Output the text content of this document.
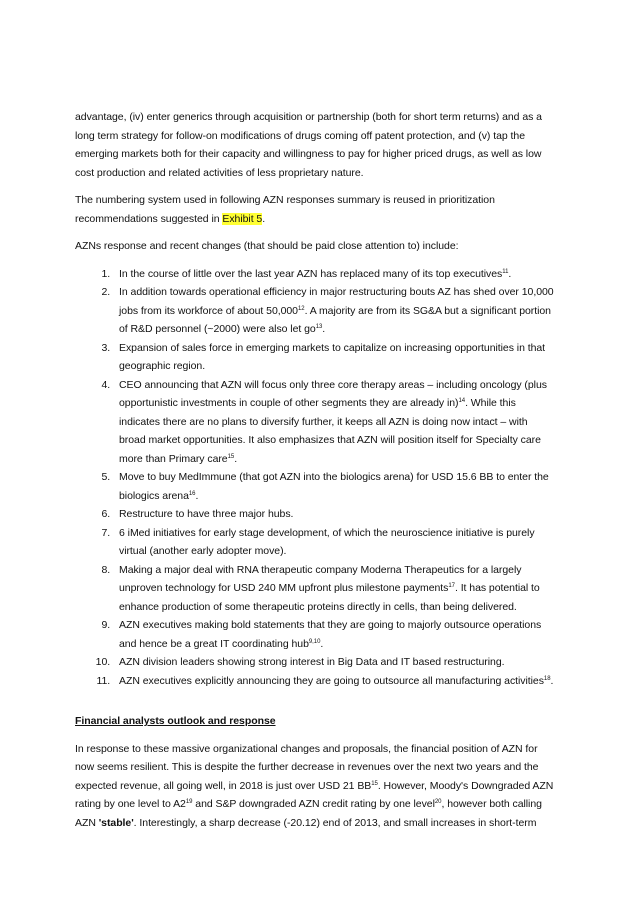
advantage, (iv) enter generics through acquisition or partnership (both for short term returns) and as a long term strategy for follow-on modifications of drugs coming off patent protection, and (v) tap the emerging markets both for their capacity and willingness to pay for higher priced drugs, as well as low cost production and related activities of less proprietary nature.

The numbering system used in following AZN responses summary is reused in prioritization recommendations suggested in Exhibit 5.

AZNs response and recent changes (that should be paid close attention to) include:

1. In the course of little over the last year AZN has replaced many of its top executives$^{11}$.
2. In addition towards operational efficiency in major restructuring bouts AZ has shed over 10,000 jobs from its workforce of about 50,000$^{12}$. A majority are from its SG&A but a significant portion of R&D personnel (~2000) were also let $go^{13}$.
3. Expansion of sales force in emerging markets to capitalize on increasing opportunities in that geographic region.
4. CEO announcing that AZN will focus only three core therapy areas – including oncology (plus opportunistic investments in couple of other segments they are already in)$^{14}$. While this indicates there are no plans to diversify further, it keeps all AZN is doing now intact – with broad market opportunities. It also emphasizes that AZN will position itself for Specialty care more than Primary care$^{15}$.
5. Move to buy MedImmune (that got AZN into the biologics arena) for USD 15.6 BB to enter the biologics arena$^{16}$.
6. Restructure to have three major hubs.
7. 6 iMed initiatives for early stage development, of which the neuroscience initiative is purely virtual (another early adopter move).
8. Making a major deal with RNA therapeutic company Moderna Therapeutics for a largely unproven technology for USD 240 MM upfront plus milestone payments$^{17}$. It has potential to enhance production of some therapeutic proteins directly in cells, than being delivered.
9. AZN executives making bold statements that they are going to majorly outsource operations and hence be a great IT coordinating hub$^{9,10}$.
10. AZN division leaders showing strong interest in Big Data and IT based restructuring.
11. AZN executives explicitly announcing they are going to outsource all manufacturing activities$^{18}$.

Financial analysts outlook and response

In response to these massive organizational changes and proposals, the financial position of AZN for now seems resilient. This is despite the further decrease in revenues over the next two years and the expected revenue, all going well, in 2018 is just over USD 21 BB$^{15}$. However, Moody's Downgraded AZN rating by one level to $A2^{19}$ and S&P downgraded AZN credit rating by one level$^{20}$, however both calling AZN 'stable'. Interestingly, a sharp decrease (-20.12) end of 2013, and small increases in short-term
